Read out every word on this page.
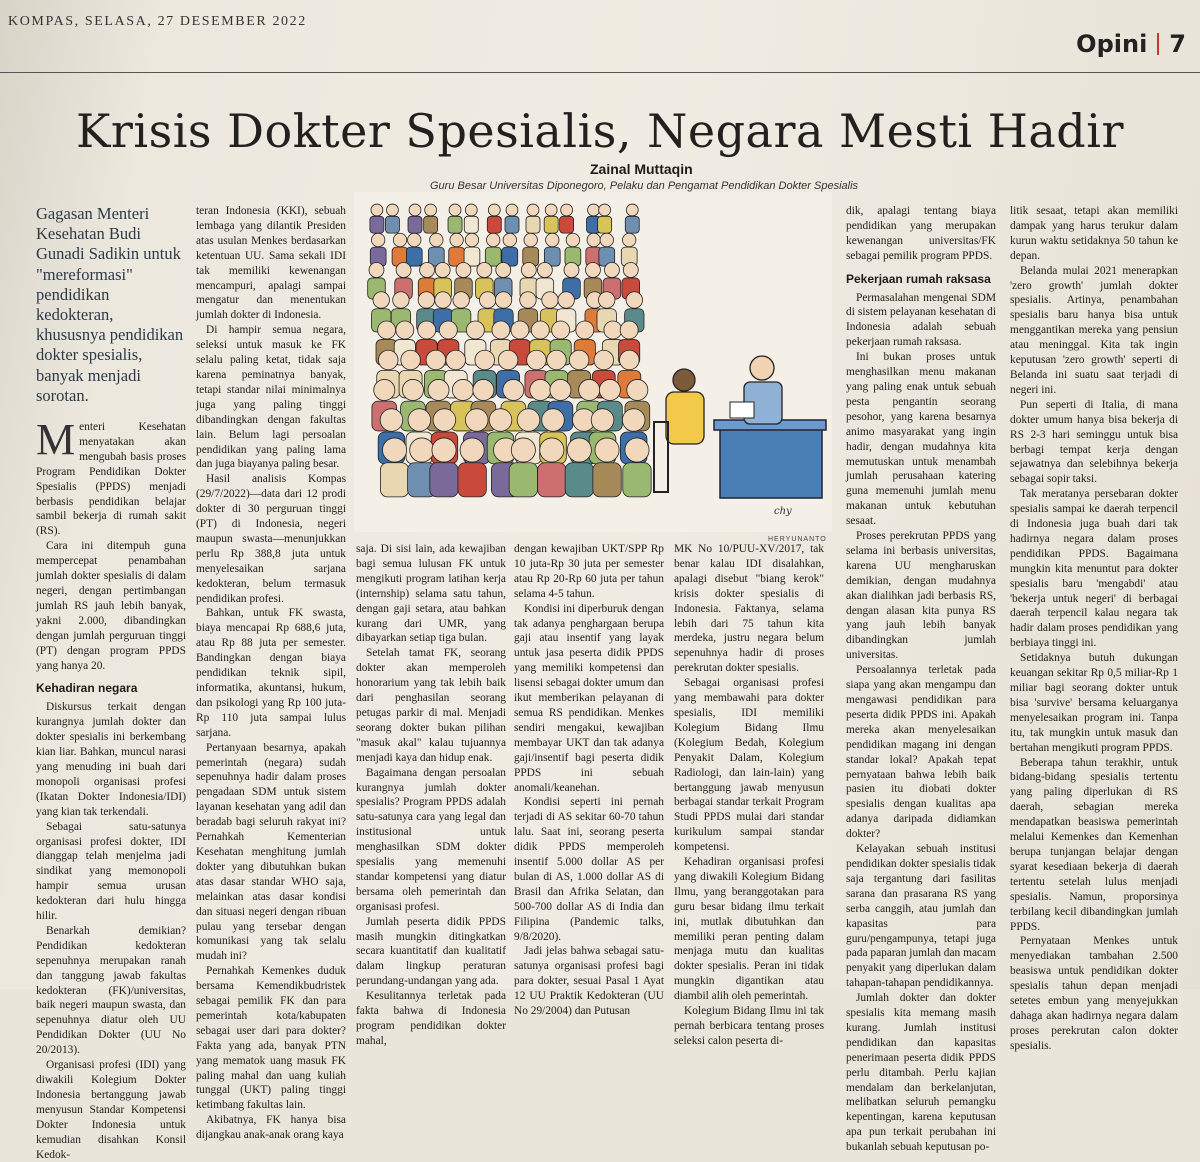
KOMPAS, SELASA, 27 DESEMBER 2022
Opini 7
Krisis Dokter Spesialis, Negara Mesti Hadir
Zainal Muttaqin
Guru Besar Universitas Diponegoro, Pelaku dan Pengamat Pendidikan Dokter Spesialis

Gagasan Menteri Kesehatan Budi Gunadi Sadikin untuk "mereformasi" pendidikan kedokteran, khususnya pendidikan dokter spesialis, banyak menjadi sorotan.

Menteri Kesehatan menyatakan akan mengubah basis proses Program Pendidikan Dokter Spesialis (PPDS) menjadi berbasis pendidikan belajar sambil bekerja di rumah sakit (RS).

Cara ini ditempuh guna mempercepat penambahan jumlah dokter spesialis di dalam negeri, dengan pertimbangan jumlah RS jauh lebih banyak, yakni 2.000, dibandingkan dengan jumlah perguruan tinggi (PT) dengan program PPDS yang hanya 20.

Kehadiran negara

Diskursus terkait dengan kurangnya jumlah dokter dan dokter spesialis ini berkembang kian liar. Bahkan, muncul narasi yang menuding ini buah dari monopoli organisasi profesi (Ikatan Dokter Indonesia/IDI) yang kian tak terkendali.

Sebagai satu-satunya organisasi profesi dokter, IDI dianggap telah menjelma jadi sindikat yang memonopoli hampir semua urusan kedokteran dari hulu hingga hilir.

Benarkah demikian? Pendidikan kedokteran sepenuhnya merupakan ranah dan tanggung jawab fakultas kedokteran (FK)/universitas, baik negeri maupun swasta, dan sepenuhnya diatur oleh UU Pendidikan Dokter (UU No 20/2013).

Organisasi profesi (IDI) yang diwakili Kolegium Dokter Indonesia bertanggung jawab menyusun Standar Kompetensi Dokter Indonesia untuk kemudian disahkan Konsil Kedok-

teran Indonesia (KKI), sebuah lembaga yang dilantik Presiden atas usulan Menkes berdasarkan ketentuan UU. Sama sekali IDI tak memiliki kewenangan mencampuri, apalagi sampai mengatur dan menentukan jumlah dokter di Indonesia.

Di hampir semua negara, seleksi untuk masuk ke FK selalu paling ketat, tidak saja karena peminatnya banyak, tetapi standar nilai minimalnya juga yang paling tinggi dibandingkan dengan fakultas lain. Belum lagi persoalan pendidikan yang paling lama dan juga biayanya paling besar.

Hasil analisis Kompas (29/7/2022)—data dari 12 prodi dokter di 30 perguruan tinggi (PT) di Indonesia, negeri maupun swasta—menunjukkan perlu Rp 388,8 juta untuk menyelesaikan sarjana kedokteran, belum termasuk pendidikan profesi.

Bahkan, untuk FK swasta, biaya mencapai Rp 688,6 juta, atau Rp 88 juta per semester. Bandingkan dengan biaya pendidikan teknik sipil, informatika, akuntansi, hukum, dan psikologi yang Rp 100 juta-Rp 110 juta sampai lulus sarjana.

Pertanyaan besarnya, apakah pemerintah (negara) sudah sepenuhnya hadir dalam proses pengadaan SDM untuk sistem layanan kesehatan yang adil dan beradab bagi seluruh rakyat ini? Pernahkah Kementerian Kesehatan menghitung jumlah dokter yang dibutuhkan bukan atas dasar standar WHO saja, melainkan atas dasar kondisi dan situasi negeri dengan ribuan pulau yang tersebar dengan komunikasi yang tak selalu mudah ini?

Pernahkah Kemenkes duduk bersama Kemendikbudristek sebagai pemilik FK dan para pemerintah kota/kabupaten sebagai user dari para dokter? Fakta yang ada, banyak PTN yang mematok uang masuk FK paling mahal dan uang kuliah tunggal (UKT) paling tinggi ketimbang fakultas lain.

Akibatnya, FK hanya bisa dijangkau anak-anak orang kaya

chy
HERYUNANTO

saja. Di sisi lain, ada kewajiban bagi semua lulusan FK untuk mengikuti program latihan kerja (internship) selama satu tahun, dengan gaji setara, atau bahkan kurang dari UMR, yang dibayarkan setiap tiga bulan.

Setelah tamat FK, seorang dokter akan memperoleh honorarium yang tak lebih baik dari penghasilan seorang petugas parkir di mal. Menjadi seorang dokter bukan pilihan "masuk akal" kalau tujuannya menjadi kaya dan hidup enak.

Bagaimana dengan persoalan kurangnya jumlah dokter spesialis? Program PPDS adalah satu-satunya cara yang legal dan institusional untuk menghasilkan SDM dokter spesialis yang memenuhi standar kompetensi yang diatur bersama oleh pemerintah dan organisasi profesi.

Jumlah peserta didik PPDS masih mungkin ditingkatkan secara kuantitatif dan kualitatif dalam lingkup peraturan perundang-undangan yang ada.

Kesulitannya terletak pada fakta bahwa di Indonesia program pendidikan dokter mahal,

dengan kewajiban UKT/SPP Rp 10 juta-Rp 30 juta per semester atau Rp 20-Rp 60 juta per tahun selama 4-5 tahun.

Kondisi ini diperburuk dengan tak adanya penghargaan berupa gaji atau insentif yang layak untuk jasa peserta didik PPDS yang memiliki kompetensi dan lisensi sebagai dokter umum dan ikut memberikan pelayanan di semua RS pendidikan. Menkes sendiri mengakui, kewajiban membayar UKT dan tak adanya gaji/insentif bagi peserta didik PPDS ini sebuah anomali/keanehan.

Kondisi seperti ini pernah terjadi di AS sekitar 60-70 tahun lalu. Saat ini, seorang peserta didik PPDS memperoleh insentif 5.000 dollar AS per bulan di AS, 1.000 dollar AS di Brasil dan Afrika Selatan, dan 500-700 dollar AS di India dan Filipina (Pandemic talks, 9/8/2020).

Jadi jelas bahwa sebagai satu-satunya organisasi profesi bagi para dokter, sesuai Pasal 1 Ayat 12 UU Praktik Kedokteran (UU No 29/2004) dan Putusan

MK No 10/PUU-XV/2017, tak benar kalau IDI disalahkan, apalagi disebut "biang kerok" krisis dokter spesialis di Indonesia. Faktanya, selama lebih dari 75 tahun kita merdeka, justru negara belum sepenuhnya hadir di proses perekrutan dokter spesialis.

Sebagai organisasi profesi yang membawahi para dokter spesialis, IDI memiliki Kolegium Bidang Ilmu (Kolegium Bedah, Kolegium Penyakit Dalam, Kolegium Radiologi, dan lain-lain) yang bertanggung jawab menyusun berbagai standar terkait Program Studi PPDS mulai dari standar kurikulum sampai standar kompetensi.

Kehadiran organisasi profesi yang diwakili Kolegium Bidang Ilmu, yang beranggotakan para guru besar bidang ilmu terkait ini, mutlak dibutuhkan dan memiliki peran penting dalam menjaga mutu dan kualitas dokter spesialis. Peran ini tidak mungkin digantikan atau diambil alih oleh pemerintah.

Kolegium Bidang Ilmu ini tak pernah berbicara tentang proses seleksi calon peserta di-

dik, apalagi tentang biaya pendidikan yang merupakan kewenangan universitas/FK sebagai pemilik program PPDS.

Pekerjaan rumah raksasa

Permasalahan mengenai SDM di sistem pelayanan kesehatan di Indonesia adalah sebuah pekerjaan rumah raksasa.

Ini bukan proses untuk menghasilkan menu makanan yang paling enak untuk sebuah pesta pengantin seorang pesohor, yang karena besarnya animo masyarakat yang ingin hadir, dengan mudahnya kita memutuskan untuk menambah jumlah perusahaan katering guna memenuhi jumlah menu makanan untuk kebutuhan sesaat.

Proses perekrutan PPDS yang selama ini berbasis universitas, karena UU mengharuskan demikian, dengan mudahnya akan dialihkan jadi berbasis RS, dengan alasan kita punya RS yang jauh lebih banyak dibandingkan jumlah universitas.

Persoalannya terletak pada siapa yang akan mengampu dan mengawasi pendidikan para peserta didik PPDS ini. Apakah mereka akan menyelesaikan pendidikan magang ini dengan standar lokal? Apakah tepat pernyataan bahwa lebih baik pasien itu diobati dokter spesialis dengan kualitas apa adanya daripada didiamkan dokter?

Kelayakan sebuah institusi pendidikan dokter spesialis tidak saja tergantung dari fasilitas sarana dan prasarana RS yang serba canggih, atau jumlah dan kapasitas para guru/pengampunya, tetapi juga pada paparan jumlah dan macam penyakit yang diperlukan dalam tahapan-tahapan pendidikannya.

Jumlah dokter dan dokter spesialis kita memang masih kurang. Jumlah institusi pendidikan dan kapasitas penerimaan peserta didik PPDS perlu ditambah. Perlu kajian mendalam dan berkelanjutan, melibatkan seluruh pemangku kepentingan, karena keputusan apa pun terkait perubahan ini bukanlah sebuah keputusan po-

litik sesaat, tetapi akan memiliki dampak yang harus terukur dalam kurun waktu setidaknya 50 tahun ke depan.

Belanda mulai 2021 menerapkan 'zero growth' jumlah dokter spesialis. Artinya, penambahan spesialis baru hanya bisa untuk menggantikan mereka yang pensiun atau meninggal. Kita tak ingin keputusan 'zero growth' seperti di Belanda ini suatu saat terjadi di negeri ini.

Pun seperti di Italia, di mana dokter umum hanya bisa bekerja di RS 2-3 hari seminggu untuk bisa berbagi tempat kerja dengan sejawatnya dan selebihnya bekerja sebagai sopir taksi.

Tak meratanya persebaran dokter spesialis sampai ke daerah terpencil di Indonesia juga buah dari tak hadirnya negara dalam proses pendidikan PPDS. Bagaimana mungkin kita menuntut para dokter spesialis baru 'mengabdi' atau 'bekerja untuk negeri' di berbagai daerah terpencil kalau negara tak hadir dalam proses pendidikan yang berbiaya tinggi ini.

Setidaknya butuh dukungan keuangan sekitar Rp 0,5 miliar-Rp 1 miliar bagi seorang dokter untuk bisa 'survive' bersama keluarganya menyelesaikan program ini. Tanpa itu, tak mungkin untuk masuk dan bertahan mengikuti program PPDS.

Beberapa tahun terakhir, untuk bidang-bidang spesialis tertentu yang paling diperlukan di RS daerah, sebagian mereka mendapatkan beasiswa pemerintah melalui Kemenkes dan Kemenhan berupa tunjangan belajar dengan syarat kesediaan bekerja di daerah tertentu setelah lulus menjadi spesialis. Namun, proporsinya terbilang kecil dibandingkan jumlah PPDS.

Pernyataan Menkes untuk menyediakan tambahan 2.500 beasiswa untuk pendidikan dokter spesialis tahun depan menjadi setetes embun yang menyejukkan dahaga akan hadirnya negara dalam proses perekrutan calon dokter spesialis.
